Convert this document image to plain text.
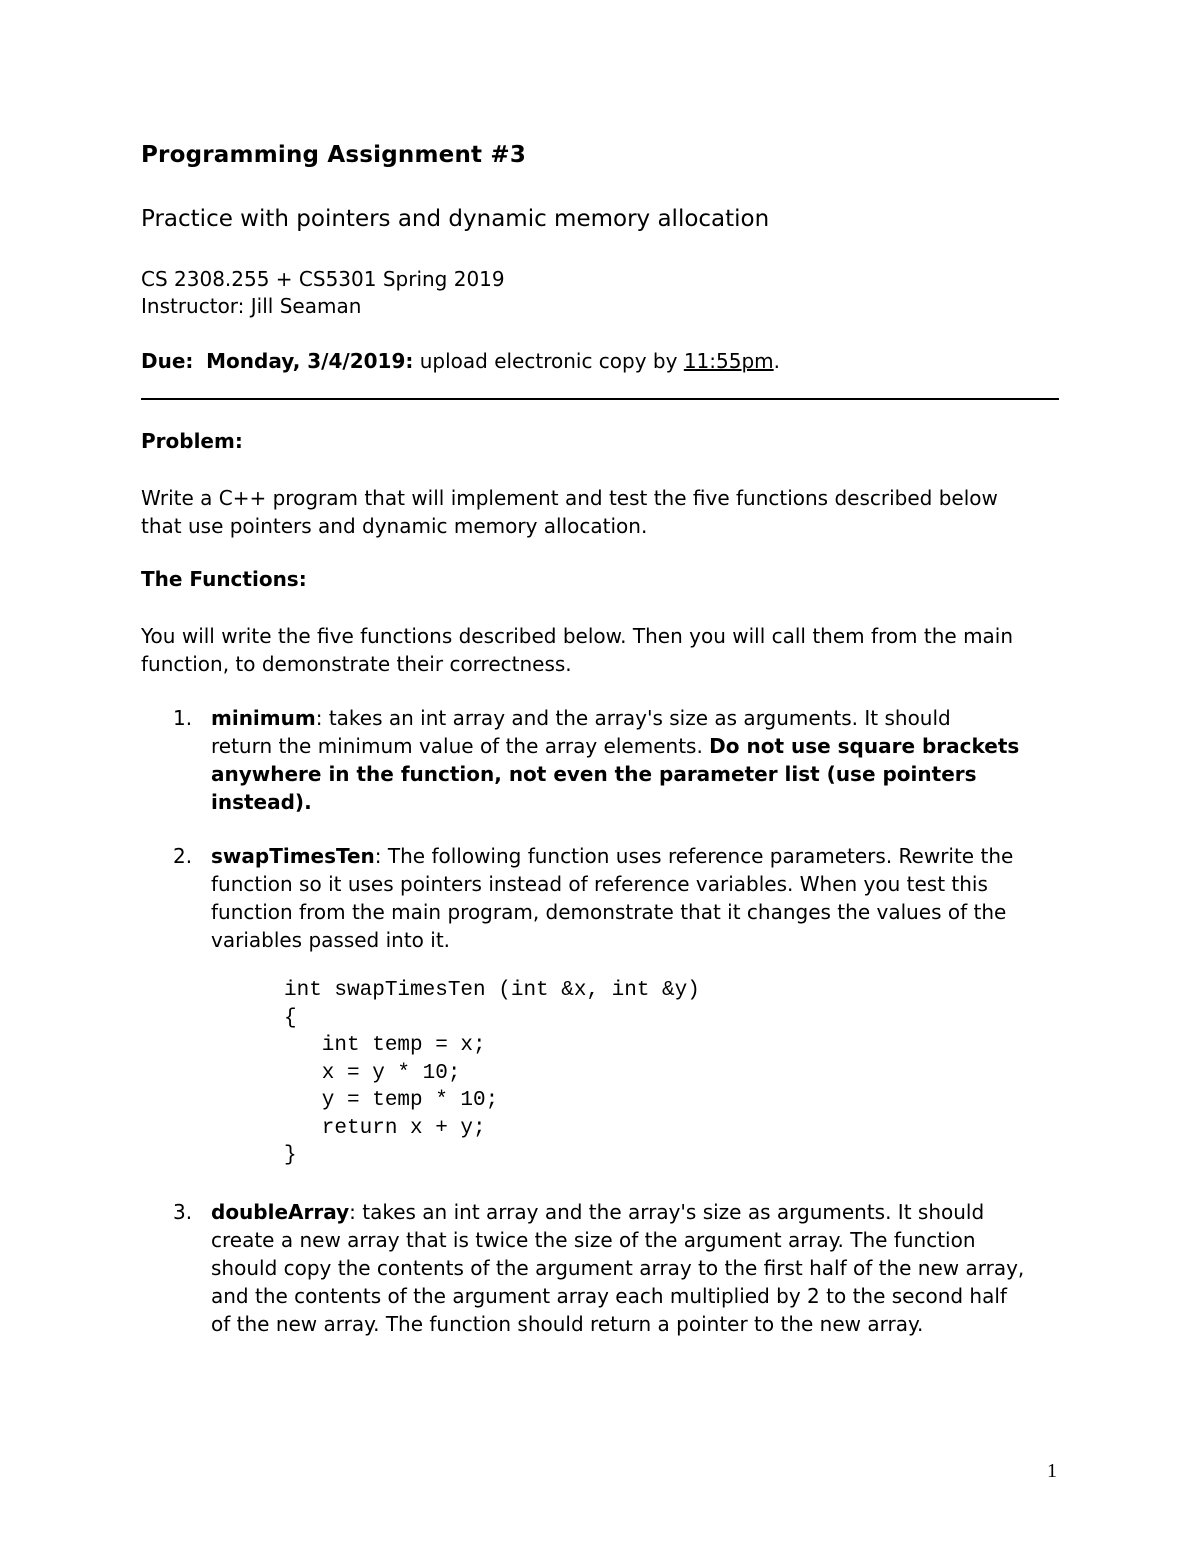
Programming Assignment #3
Practice with pointers and dynamic memory allocation
CS 2308.255 + CS5301 Spring 2019
Instructor: Jill Seaman
Due: Monday, 3/4/2019: upload electronic copy by 11:55pm.
Problem:
Write a C++ program that will implement and test the five functions described below
that use pointers and dynamic memory allocation.
The Functions:
You will write the five functions described below. Then you will call them from the main
function, to demonstrate their correctness.
1. minimum: takes an int array and the array's size as arguments. It should
return the minimum value of the array elements. Do not use square brackets
anywhere in the function, not even the parameter list (use pointers
instead).
2. swapTimesTen: The following function uses reference parameters. Rewrite the
function so it uses pointers instead of reference variables. When you test this
function from the main program, demonstrate that it changes the values of the
variables passed into it.
int swapTimesTen (int &x, int &y)
{
int temp = x;
x = y * 10;
y = temp * 10;
return x + y;
}
3. doubleArray: takes an int array and the array's size as arguments. It should
create a new array that is twice the size of the argument array. The function
should copy the contents of the argument array to the first half of the new array,
and the contents of the argument array each multiplied by 2 to the second half
of the new array. The function should return a pointer to the new array.
1
